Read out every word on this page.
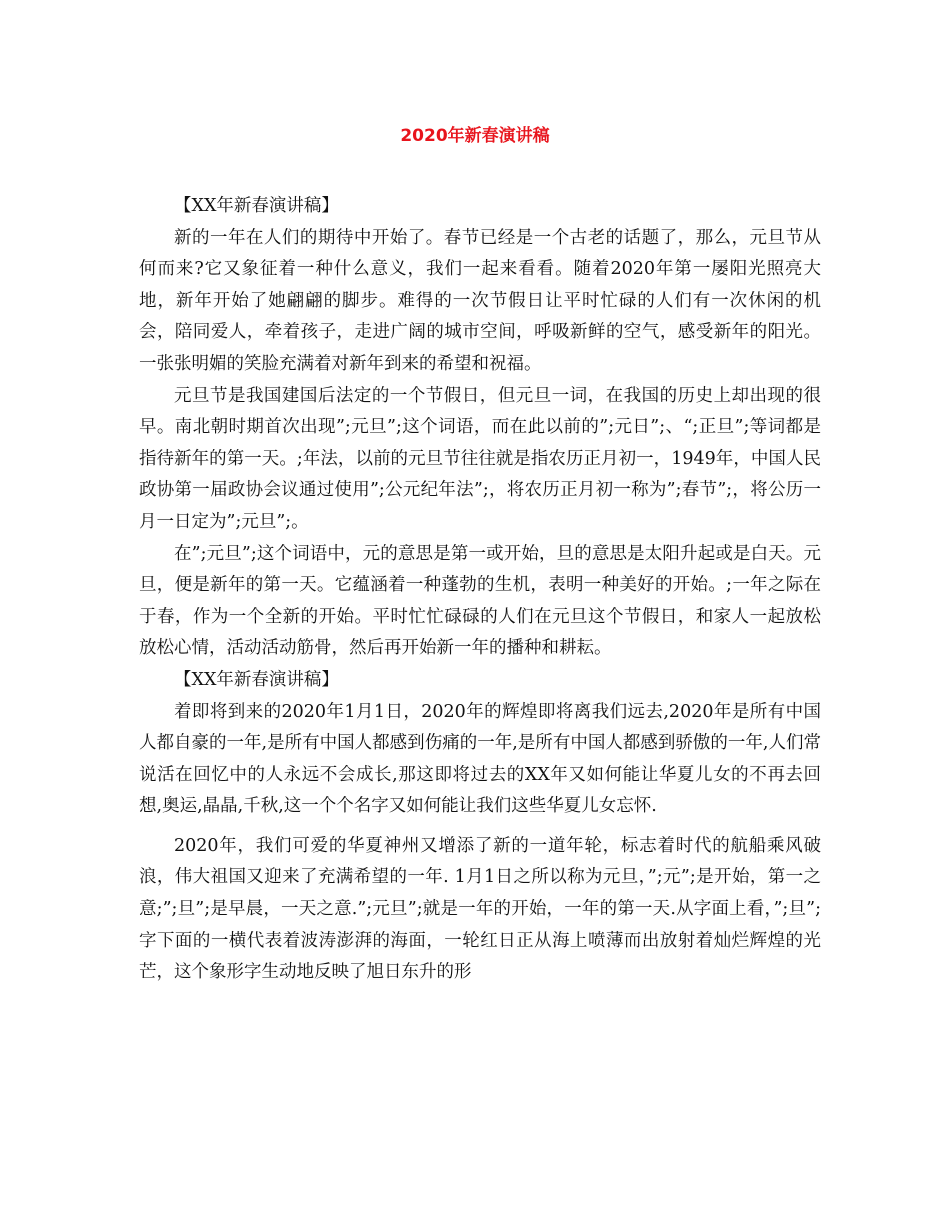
2020年新春演讲稿

【XX年新春演讲稿】

新的一年在人们的期待中开始了。春节已经是一个古老的话题了，那么，元旦节从何而来?它又象征着一种什么意义，我们一起来看看。随着2020年第一屡阳光照亮大地，新年开始了她翩翩的脚步。难得的一次节假日让平时忙碌的人们有一次休闲的机会，陪同爱人，牵着孩子，走进广阔的城市空间，呼吸新鲜的空气，感受新年的阳光。一张张明媚的笑脸充满着对新年到来的希望和祝福。

元旦节是我国建国后法定的一个节假日，但元旦一词，在我国的历史上却出现的很早。南北朝时期首次出现”;元旦”;这个词语，而在此以前的”;元日”;、“;正旦”;等词都是指待新年的第一天。;年法，以前的元旦节往往就是指农历正月初一，1949年，中国人民政协第一届政协会议通过使用”;公元纪年法”;，将农历正月初一称为”;春节”;，将公历一月一日定为”;元旦”;。

在”;元旦”;这个词语中，元的意思是第一或开始，旦的意思是太阳升起或是白天。元旦，便是新年的第一天。它蕴涵着一种蓬勃的生机，表明一种美好的开始。;一年之际在于春，作为一个全新的开始。平时忙忙碌碌的人们在元旦这个节假日，和家人一起放松放松心情，活动活动筋骨，然后再开始新一年的播种和耕耘。

【XX年新春演讲稿】

着即将到来的2020年1月1日，2020年的辉煌即将离我们远去,2020年是所有中国人都自豪的一年,是所有中国人都感到伤痛的一年,是所有中国人都感到骄傲的一年,人们常说活在回忆中的人永远不会成长,那这即将过去的XX年又如何能让华夏儿女的不再去回想,奥运,晶晶,千秋,这一个个名字又如何能让我们这些华夏儿女忘怀.

2020年，我们可爱的华夏神州又增添了新的一道年轮，标志着时代的航船乘风破浪，伟大祖国又迎来了充满希望的一年. 1月1日之所以称为元旦，”;元”;是开始，第一之意;”;旦”;是早晨，一天之意.”;元旦”;就是一年的开始，一年的第一天.从字面上看，”;旦”;字下面的一横代表着波涛澎湃的海面，一轮红日正从海上喷薄而出放射着灿烂辉煌的光芒，这个象形字生动地反映了旭日东升的形
